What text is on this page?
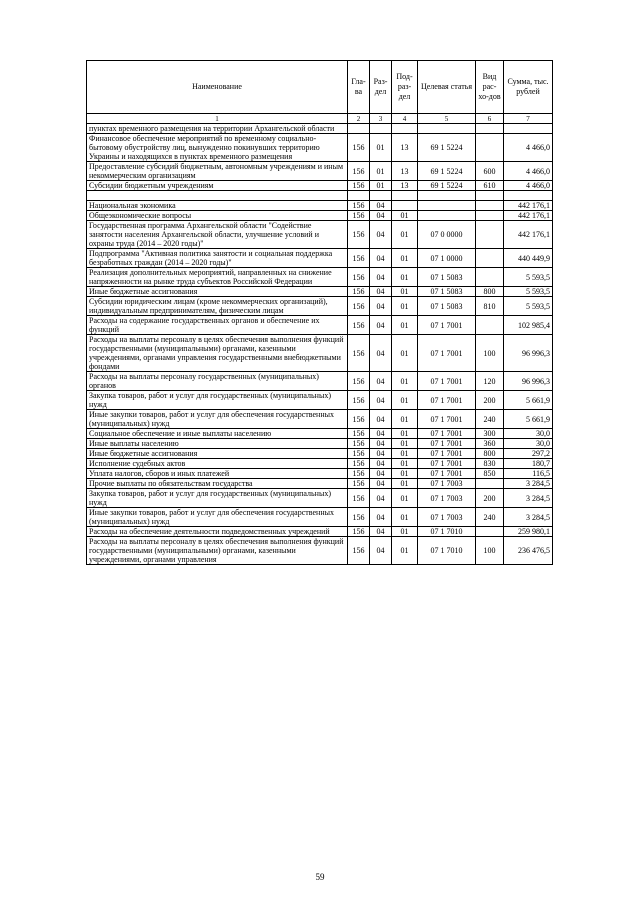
Наименование	Гла-ва	Раз-дел	Под-раз-дел	Целевая статья	Вид рас-хо-дов	Сумма, тыс. рублей
1	2	3	4	5	6	7
пунктах временного размещения на территории Архангельской области						
Финансовое обеспечение мероприятий по временному социально-бытовому обустройству лиц, вынужденно покинувших территорию Украины и находящихся в пунктах временного размещения	156	01	13	69 1 5224		4 466,0
Предоставление субсидий бюджетным, автономным учреждениям и иным некоммерческим организациям	156	01	13	69 1 5224	600	4 466,0
Субсидии бюджетным учреждениям	156	01	13	69 1 5224	610	4 466,0

Национальная экономика	156	04				442 176,1
Общеэкономические вопросы	156	04	01			442 176,1
Государственная программа Архангельской области "Содействие занятости населения Архангельской области, улучшение условий и охраны труда (2014 – 2020 годы)"	156	04	01	07 0 0000		442 176,1
Подпрограмма "Активная политика занятости и социальная поддержка безработных граждан (2014 – 2020 годы)"	156	04	01	07 1 0000		440 449,9
Реализация дополнительных мероприятий, направленных на снижение напряженности на рынке труда субъектов Российской Федерации	156	04	01	07 1 5083		5 593,5
Иные бюджетные ассигнования	156	04	01	07 1 5083	800	5 593,5
Субсидии юридическим лицам (кроме некоммерческих организаций), индивидуальным предпринимателям, физическим лицам	156	04	01	07 1 5083	810	5 593,5
Расходы на содержание государственных органов и обеспечение их функций	156	04	01	07 1 7001		102 985,4
Расходы на выплаты персоналу в целях обеспечения выполнения функций государственными (муниципальными) органами, казенными учреждениями, органами управления государственными внебюджетными фондами	156	04	01	07 1 7001	100	96 996,3
Расходы на выплаты персоналу государственных (муниципальных) органов	156	04	01	07 1 7001	120	96 996,3
Закупка товаров, работ и услуг для государственных (муниципальных) нужд	156	04	01	07 1 7001	200	5 661,9
Иные закупки товаров, работ и услуг для обеспечения государственных (муниципальных) нужд	156	04	01	07 1 7001	240	5 661,9
Социальное обеспечение и иные выплаты населению	156	04	01	07 1 7001	300	30,0
Иные выплаты населению	156	04	01	07 1 7001	360	30,0
Иные бюджетные ассигнования	156	04	01	07 1 7001	800	297,2
Исполнение судебных актов	156	04	01	07 1 7001	830	180,7
Уплата налогов, сборов и иных платежей	156	04	01	07 1 7001	850	116,5
Прочие выплаты по обязательствам государства	156	04	01	07 1 7003		3 284,5
Закупка товаров, работ и услуг для государственных (муниципальных) нужд	156	04	01	07 1 7003	200	3 284,5
Иные закупки товаров, работ и услуг для обеспечения государственных (муниципальных) нужд	156	04	01	07 1 7003	240	3 284,5
Расходы на обеспечение деятельности подведомственных учреждений	156	04	01	07 1 7010		259 980,1
Расходы на выплаты персоналу в целях обеспечения выполнения функций государственными (муниципальными) органами, казенными учреждениями, органами управления	156	04	01	07 1 7010	100	236 476,5
59
